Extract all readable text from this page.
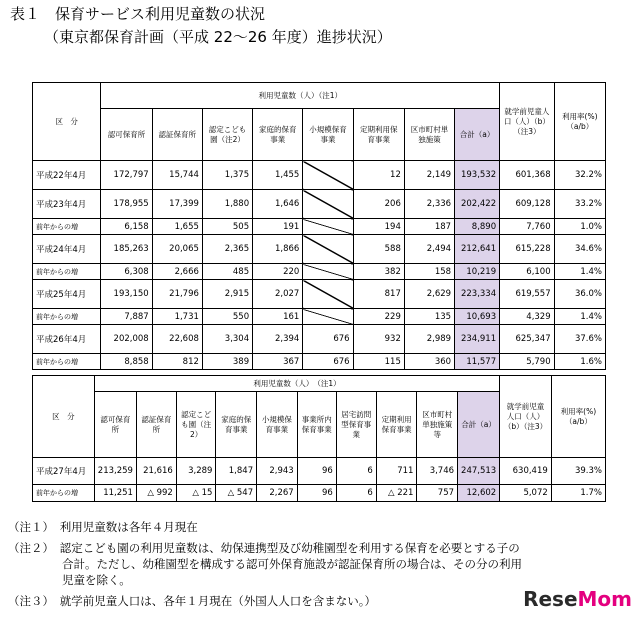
表１　保育サービス利用児童数の状況
（東京都保育計画（平成 22〜26 年度）進捗状況）
区　分	利用児童数（人）（注1）								就学前児童人口（人）（b）（注3）	利用率(%)（a/b）
	認可保育所	認証保育所	認定こども園（注2）	家庭的保育事業	小規模保育事業	定期利用保育事業	区市町村単独施策	合計（a）		
平成22年4月	172,797	15,744	1,375	1,455		12	2,149	193,532	601,368	32.2%
平成23年4月	178,955	17,399	1,880	1,646		206	2,336	202,422	609,128	33.2%
前年からの増	6,158	1,655	505	191		194	187	8,890	7,760	1.0%
平成24年4月	185,263	20,065	2,365	1,866		588	2,494	212,641	615,228	34.6%
前年からの増	6,308	2,666	485	220		382	158	10,219	6,100	1.4%
平成25年4月	193,150	21,796	2,915	2,027		817	2,629	223,334	619,557	36.0%
前年からの増	7,887	1,731	550	161		229	135	10,693	4,329	1.4%
平成26年4月	202,008	22,608	3,304	2,394	676	932	2,989	234,911	625,347	37.6%
前年からの増	8,858	812	389	367	676	115	360	11,577	5,790	1.6%
区　分	利用児童数（人）　（注1）										就学前児童人口（人）（b）（注3）	利用率(%)（a/b）
	認可保育所	認証保育所	認定こども園（注2）	家庭的保育事業	小規模保育事業	事業所内保育事業	居宅訪問型保育事業	定期利用保育事業	区市町村単独施策等	合計（a）		
平成27年4月	213,259	21,616	3,289	1,847	2,943	96	6	711	3,746	247,513	630,419	39.3%
前年からの増	11,251	△ 992	△ 15	△ 547	2,267	96	6	△ 221	757	12,602	5,072	1.7%
（注１）　利用児童数は各年４月現在
（注２）　認定こども園の利用児童数は、幼保連携型及び幼稚園型を利用する保育を必要とする子の
合計。ただし、幼稚園型を構成する認可外保育施設が認証保育所の場合は、その分の利用
児童を除く。
（注３）　就学前児童人口は、各年１月現在（外国人人口を含まない。）	ReseMom
